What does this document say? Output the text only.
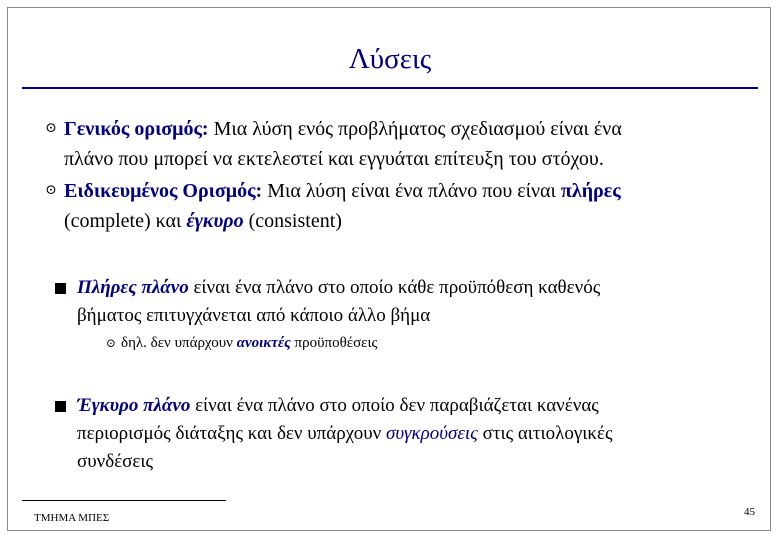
Λύσεις
⊙ Γενικός ορισμός: Μια λύση ενός προβλήματος σχεδιασμού είναι ένα
πλάνο που μπορεί να εκτελεστεί και εγγυάται επίτευξη του στόχου.
⊙ Ειδικευμένος Ορισμός: Μια λύση είναι ένα πλάνο που είναι πλήρες
(complete) και έγκυρο (consistent)
Πλήρες πλάνο είναι ένα πλάνο στο οποίο κάθε προϋπόθεση καθενός
βήματος επιτυγχάνεται από κάποιο άλλο βήμα
⊙ δηλ. δεν υπάρχουν ανοικτές προϋποθέσεις
Έγκυρο πλάνο είναι ένα πλάνο στο οποίο δεν παραβιάζεται κανένας
περιορισμός διάταξης και δεν υπάρχουν συγκρούσεις στις αιτιολογικές
συνδέσεις
ΤΜΗΜΑ ΜΠΕΣ	45
